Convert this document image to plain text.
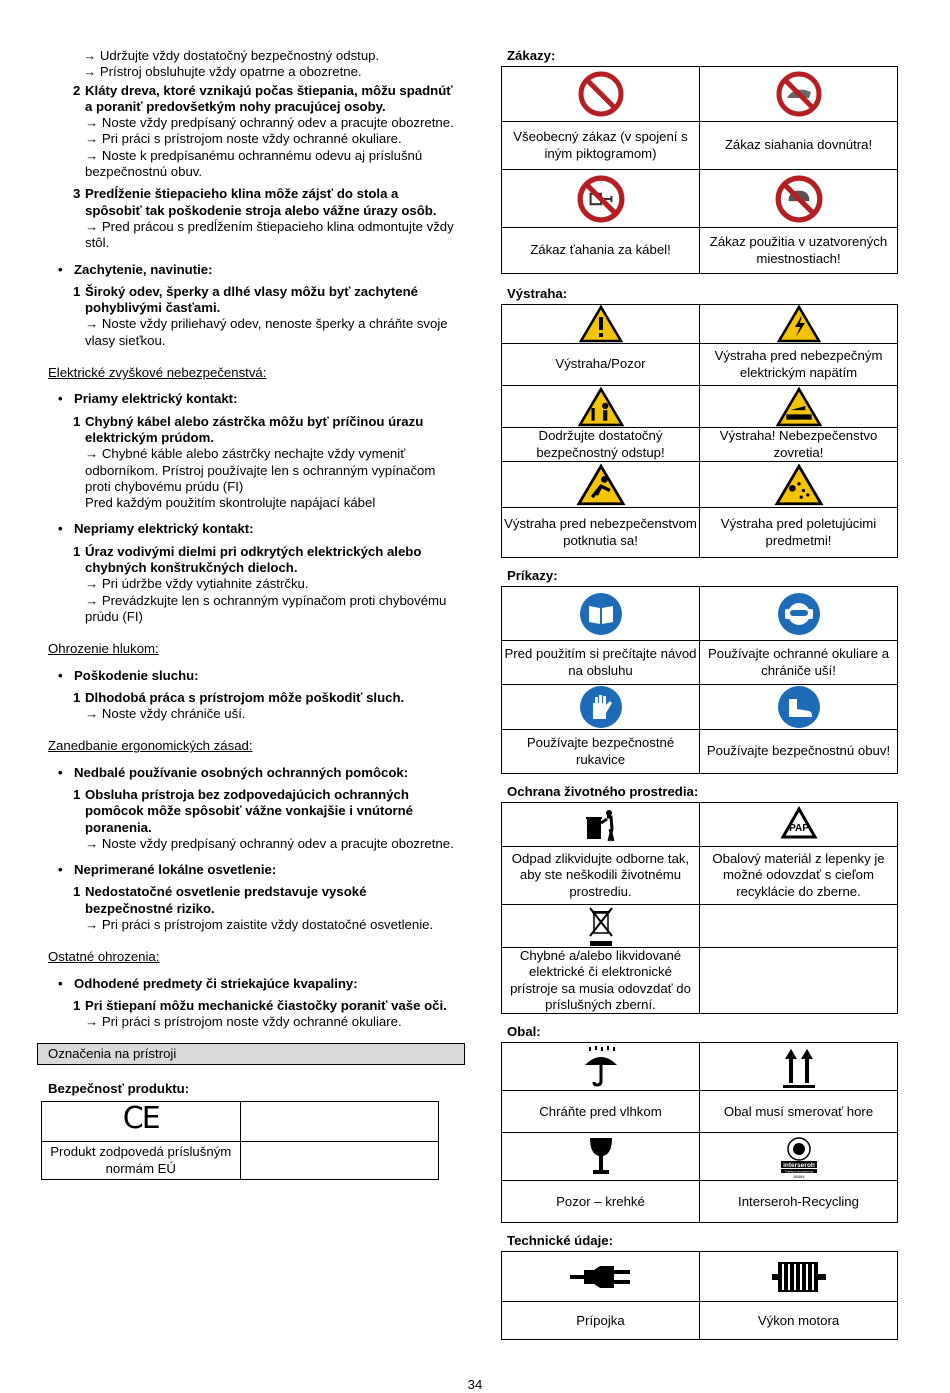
→ Udržujte vždy dostatočný bezpečnostný odstup.
→ Prístroj obsluhujte vždy opatrne a obozretne.
2 Kláty dreva, ktoré vznikajú počas štiepania, môžu spadnúť a poraniť predovšetkým nohy pracujúcej osoby.
→ Noste vždy predpísaný ochranný odev a pracujte obozretne.
→ Pri práci s prístrojom noste vždy ochranné okuliare.
→ Noste k predpísanému ochrannému odevu aj príslušnú bezpečnostnú obuv.
3 Predĺženie štiepacieho klina môže zájsť do stola a spôsobiť tak poškodenie stroja alebo vážne úrazy osôb.
→ Pred prácou s predĺžením štiepacieho klina odmontujte vždy stôl.
• Zachytenie, navinutie:
1 Široký odev, šperky a dlhé vlasy môžu byť zachytené pohyblivými časťami.
→ Noste vždy priliehavý odev, nenoste šperky a chráňte svoje vlasy sieťkou.
Elektrické zvyškové nebezpečenstvá:
• Priamy elektrický kontakt:
1 Chybný kábel alebo zástrčka môžu byť príčinou úrazu elektrickým prúdom.
→ Chybné káble alebo zástrčky nechajte vždy vymeniť odborníkom. Prístroj používajte len s ochranným vypínačom proti chybovému prúdu (FI)
Pred každým použitím skontrolujte napájací kábel
• Nepriamy elektrický kontakt:
1 Úraz vodivými dielmi pri odkrytých elektrických alebo chybných konštrukčných dieloch.
→ Pri údržbe vždy vytiahnite zástrčku.
→ Prevádzkujte len s ochranným vypínačom proti chybovému prúdu (FI)
Ohrozenie hlukom:
• Poškodenie sluchu:
1 Dlhodobá práca s prístrojom môže poškodiť sluch.
→ Noste vždy chrániče uší.
Zanedbanie ergonomických zásad:
• Nedbalé používanie osobných ochranných pomôcok:
1 Obsluha prístroja bez zodpovedajúcich ochranných pomôcok môže spôsobiť vážne vonkajšie i vnútorné poranenia.
→ Noste vždy predpísaný ochranný odev a pracujte obozretne.
• Neprimerané lokálne osvetlenie:
1 Nedostatočné osvetlenie predstavuje vysoké bezpečnostné riziko.
→ Pri práci s prístrojom zaistite vždy dostatočné osvetlenie.
Ostatné ohrozenia:
• Odhodené predmety či striekajúce kvapaliny:
1 Pri štiepaní môžu mechanické čiastočky poraniť vaše oči.
→ Pri práci s prístrojom noste vždy ochranné okuliare.
Označenia na prístroji
Bezpečnosť produktu:
CE	
Produkt zodpovedá príslušným normám EÚ	
Zákazy:

Všeobecný zákaz (v spojení s iným piktogramom)	Zákaz siahania dovnútra!

Zákaz ťahania za kábel!	Zákaz použitia v uzatvorených miestnostiach!
Výstraha:

Výstraha/Pozor	Výstraha pred nebezpečným elektrickým napätím

Dodržujte dostatočný bezpečnostný odstup!	Výstraha! Nebezpečenstvo zovretia!

Výstraha pred nebezpečenstvom potknutia sa!	Výstraha pred poletujúcimi predmetmi!
Príkazy:

Pred použitím si prečítajte návod na obsluhu	Používajte ochranné okuliare a chrániče uší!

Používajte bezpečnostné rukavice	Používajte bezpečnostnú obuv!
Ochrana životného prostredia:

PAP

Odpad zlikvidujte odborne tak, aby ste neškodili životnému prostrediu.	Obalový materiál z lepenky je možné odovzdať s cieľom recyklácie do zberne.

Chybné a/alebo likvidované elektrické či elektronické prístroje sa musia odovzdať do príslušných zberní.	
Obal:

Chráňte pred vlhkom	Obal musí smerovať hore

interseroh
Transportverpackung
85484

Pozor – krehké	Interseroh-Recycling
Technické údaje:

Prípojka	Výkon motora
34
